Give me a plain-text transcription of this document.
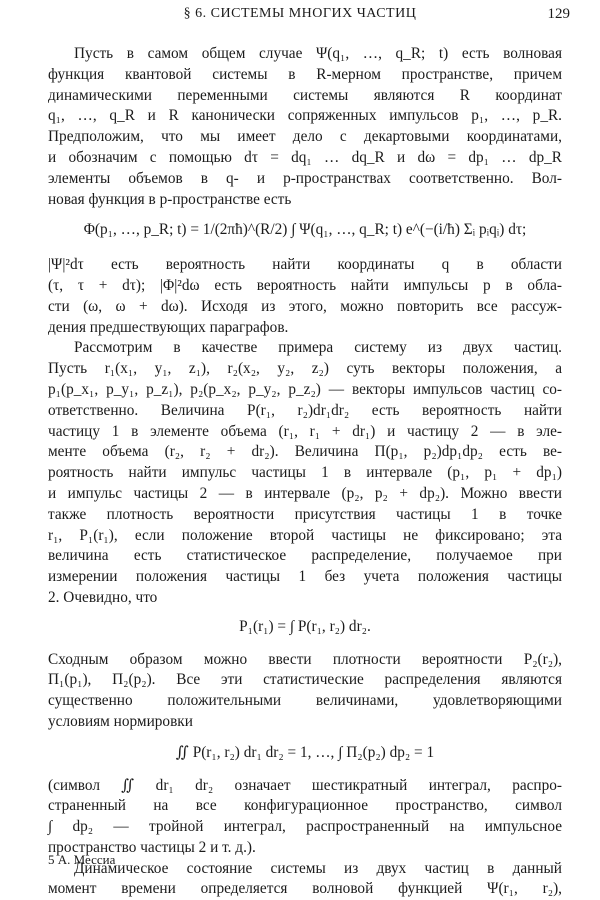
§ 6. СИСТЕМЫ МНОГИХ ЧАСТИЦ	129
Пусть в самом общем случае Ψ(q₁, …, q_R; t) есть волновая
функция квантовой системы в R-мерном пространстве, причем
динамическими переменными системы являются R координат
q₁, …, q_R и R канонически сопряженных импульсов p₁, …, p_R.
Предположим, что мы имеет дело с декартовыми координатами,
и обозначим с помощью dτ = dq₁ … dq_R и dω = dp₁ … dp_R
элементы объемов в q- и p-пространствах соответственно. Вол-
новая функция в p-пространстве есть
Φ(p₁, …, p_R; t) = 1/(2πħ)^(R/2) ∫ Ψ(q₁, …, q_R; t) e^(−(i/ħ) Σᵢ pᵢqᵢ) dτ;
|Ψ|²dτ есть вероятность найти координаты q в области
(τ, τ + dτ); |Φ|²dω есть вероятность найти импульсы p в обла-
сти (ω, ω + dω). Исходя из этого, можно повторить все рассуж-
дения предшествующих параграфов.
Рассмотрим в качестве примера систему из двух частиц.
Пусть r₁(x₁, y₁, z₁), r₂(x₂, y₂, z₂) суть векторы положения, а
p₁(p_x₁, p_y₁, p_z₁), p₂(p_x₂, p_y₂, p_z₂) — векторы импульсов частиц со-
ответственно. Величина P(r₁, r₂)dr₁dr₂ есть вероятность найти
частицу 1 в элементе объема (r₁, r₁ + dr₁) и частицу 2 — в эле-
менте объема (r₂, r₂ + dr₂). Величина Π(p₁, p₂)dp₁dp₂ есть ве-
роятность найти импульс частицы 1 в интервале (p₁, p₁ + dp₁)
и импульс частицы 2 — в интервале (p₂, p₂ + dp₂). Можно ввести
также плотность вероятности присутствия частицы 1 в точке
r₁, P₁(r₁), если положение второй частицы не фиксировано; эта
величина есть статистическое распределение, получаемое при
измерении положения частицы 1 без учета положения частицы
2. Очевидно, что
P₁(r₁) = ∫ P(r₁, r₂) dr₂.
Сходным образом можно ввести плотности вероятности P₂(r₂),
Π₁(p₁), Π₂(p₂). Все эти статистические распределения являются
существенно положительными величинами, удовлетворяющими
условиям нормировки
∬ P(r₁, r₂) dr₁ dr₂ = 1, …, ∫ Π₂(p₂) dp₂ = 1
(символ ∬ dr₁ dr₂ означает шестикратный интеграл, распро-
страненный на все конфигурационное пространство, символ
∫ dp₂ — тройной интеграл, распространенный на импульсное
пространство частицы 2 и т. д.).
Динамическое состояние системы из двух частиц в данный
момент времени определяется волновой функцией Ψ(r₁, r₂),
5 А. Мессиа
